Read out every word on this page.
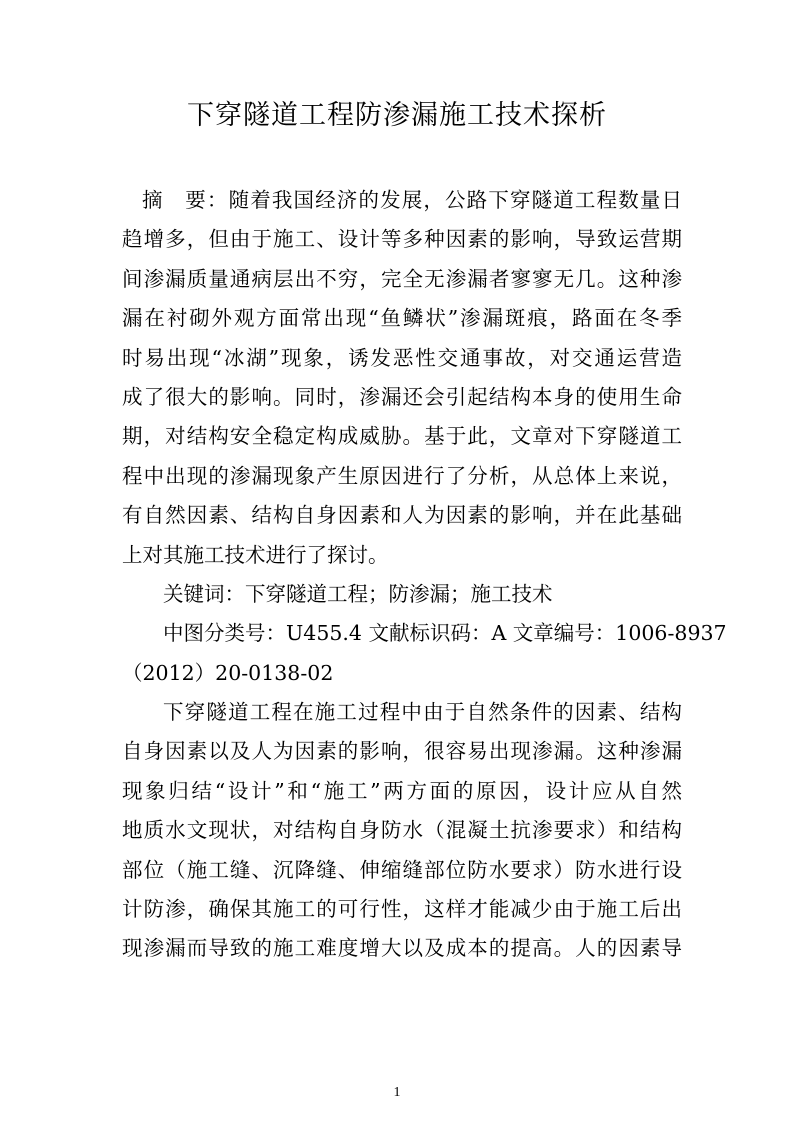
下穿隧道工程防渗漏施工技术探析
摘　要：随着我国经济的发展，公路下穿隧道工程数量日
趋增多，但由于施工、设计等多种因素的影响，导致运营期
间渗漏质量通病层出不穷，完全无渗漏者寥寥无几。这种渗
漏在衬砌外观方面常出现“鱼鳞状”渗漏斑痕，路面在冬季
时易出现“冰湖”现象，诱发恶性交通事故，对交通运营造
成了很大的影响。同时，渗漏还会引起结构本身的使用生命
期，对结构安全稳定构成威胁。基于此，文章对下穿隧道工
程中出现的渗漏现象产生原因进行了分析，从总体上来说，
有自然因素、结构自身因素和人为因素的影响，并在此基础
上对其施工技术进行了探讨。
关键词：下穿隧道工程；防渗漏；施工技术
中图分类号：U455.4 文献标识码：A 文章编号：1006-8937
（2012）20-0138-02
下穿隧道工程在施工过程中由于自然条件的因素、结构
自身因素以及人为因素的影响，很容易出现渗漏。这种渗漏
现象归结“设计”和“施工”两方面的原因，设计应从自然
地质水文现状，对结构自身防水（混凝土抗渗要求）和结构
部位（施工缝、沉降缝、伸缩缝部位防水要求）防水进行设
计防渗，确保其施工的可行性，这样才能减少由于施工后出
现渗漏而导致的施工难度增大以及成本的提高。人的因素导
1
